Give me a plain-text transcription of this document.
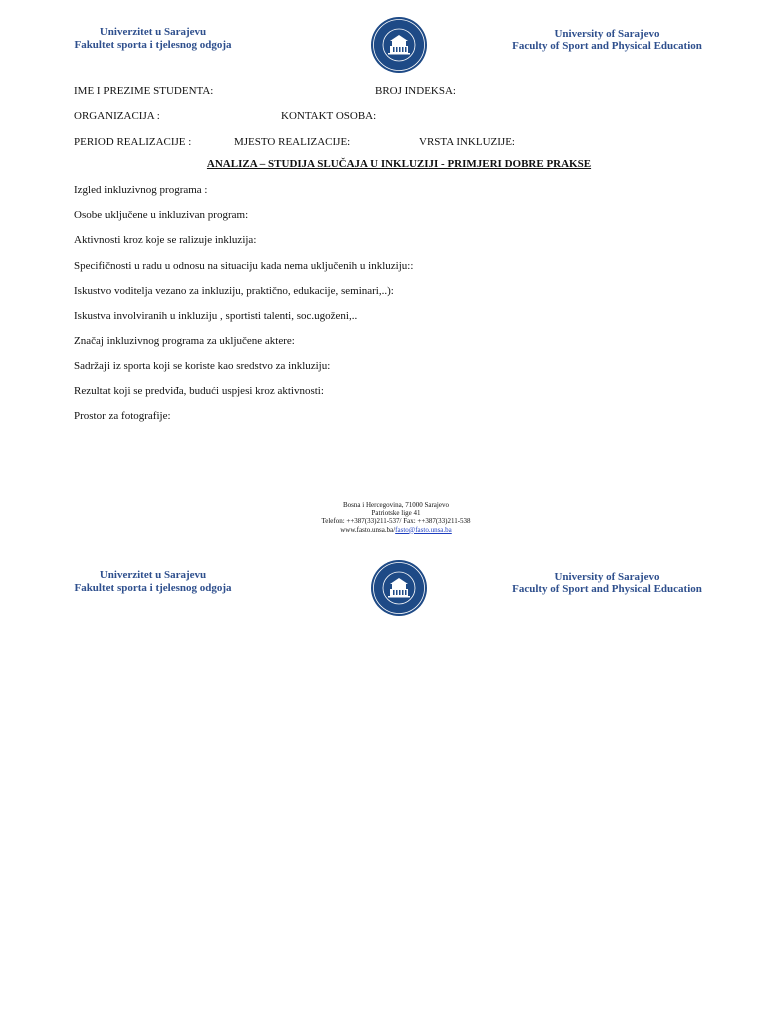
Univerzitet u Sarajevu
Fakultet sporta i tjelesnog odgoja
University of Sarajevo
Faculty of Sport and Physical Education
IME I PREZIME STUDENTA:	BROJ INDEKSA:
ORGANIZACIJA :	KONTAKT OSOBA:
PERIOD REALIZACIJE :	MJESTO REALIZACIJE:	VRSTA INKLUZIJE:
ANALIZA – STUDIJA SLUČAJA U INKLUZIJI - PRIMJERI DOBRE PRAKSE
Izgled inkluzivnog programa :
Osobe uključene u inkluzivan program:
Aktivnosti kroz koje se ralizuje inkluzija:
Specifičnosti u radu u odnosu na situaciju kada nema uključenih u inkluziju::
Iskustvo voditelja vezano za inkluziju, praktično, edukacije, seminari,..):
Iskustva involviranih u inkluziju , sportisti talenti, soc.ugoženi,..
Značaj inkluzivnog programa za uključene aktere:
Sadržaji iz sporta koji se koriste kao sredstvo za inkluziju:
Rezultat koji se predviđa, budući uspjesi kroz aktivnosti:
Prostor za fotografije:
Bosna i Hercegovina, 71000 Sarajevo
Patriotske lige 41
Telefon: ++387(33)211-537/ Fax: ++387(33)211-538
www.fasto.unsa.ba/fasto@fasto.unsa.ba
Univerzitet u Sarajevu
Fakultet sporta i tjelesnog odgoja
University of Sarajevo
Faculty of Sport and Physical Education
